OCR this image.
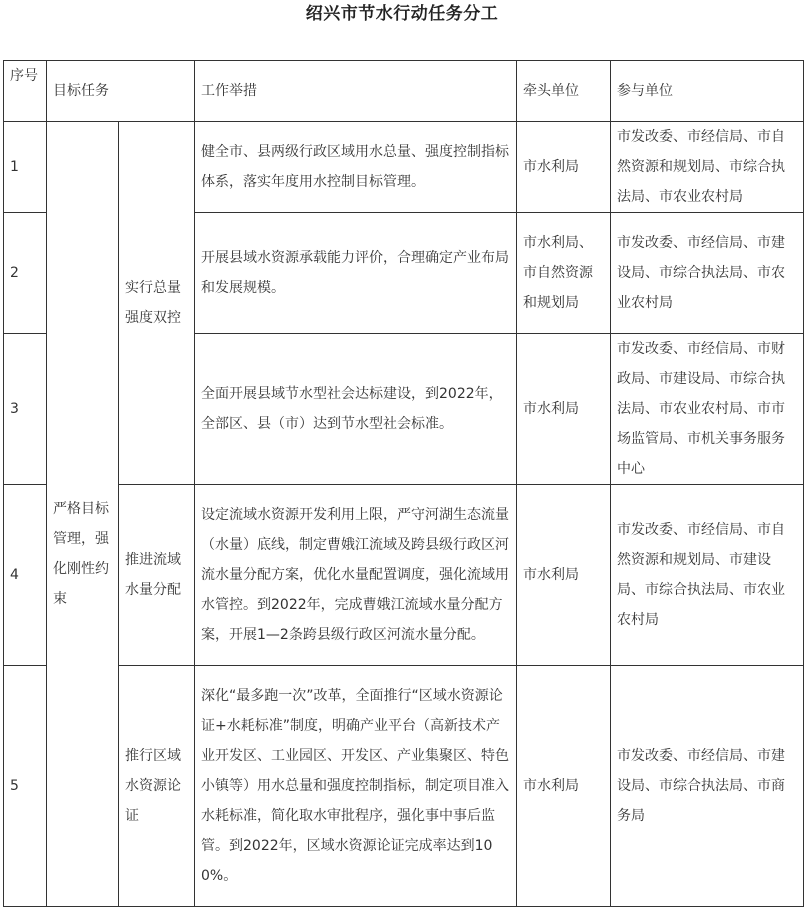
绍兴市节水行动任务分工
序号	目标任务		工作举措	牵头单位	参与单位
1	严格目标管理，强化刚性约束	实行总量强度双控	健全市、县两级行政区域用水总量、强度控制指标体系，落实年度用水控制目标管理。	市水利局	市发改委、市经信局、市自然资源和规划局、市综合执法局、市农业农村局
2			开展县域水资源承载能力评价，合理确定产业布局和发展规模。	市水利局、市自然资源和规划局	市发改委、市经信局、市建设局、市综合执法局、市农业农村局
3			全面开展县域节水型社会达标建设，到2022年，全部区、县（市）达到节水型社会标准。	市水利局	市发改委、市经信局、市财政局、市建设局、市综合执法局、市农业农村局、市市场监管局、市机关事务服务中心
4		推进流域水量分配	设定流域水资源开发利用上限，严守河湖生态流量（水量）底线，制定曹娥江流域及跨县级行政区河流水量分配方案，优化水量配置调度，强化流域用水管控。到2022年，完成曹娥江流域水量分配方案，开展1—2条跨县级行政区河流水量分配。	市水利局	市发改委、市经信局、市自然资源和规划局、市建设局、市综合执法局、市农业农村局
5		推行区域水资源论证	深化“最多跑一次”改革，全面推行“区域水资源论证+水耗标准”制度，明确产业平台（高新技术产业开发区、工业园区、开发区、产业集聚区、特色小镇等）用水总量和强度控制指标，制定项目准入水耗标准，简化取水审批程序，强化事中事后监管。到2022年，区域水资源论证完成率达到100%。	市水利局	市发改委、市经信局、市建设局、市综合执法局、市商务局
